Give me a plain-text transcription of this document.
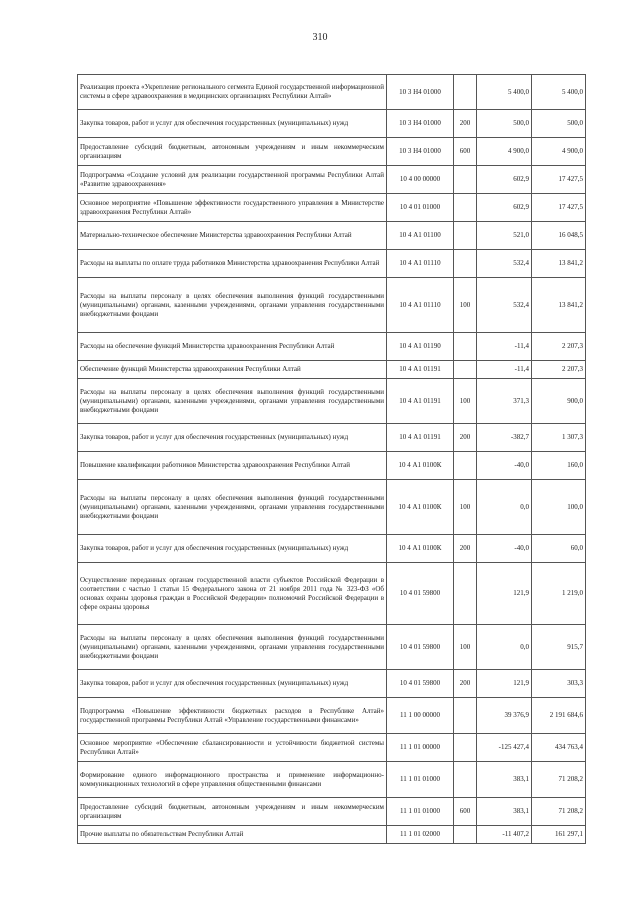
310
Реализация проекта «Укрепление регионального сегмента Единой государственной информационной системы в сфере здравоохранения в медицинских организациях Республики Алтай»	10 3 Н4 01000		5 400,0	5 400,0
Закупка товаров, работ и услуг для обеспечения государственных (муниципальных) нужд	10 3 Н4 01000	200	500,0	500,0
Предоставление субсидий бюджетным, автономным учреждениям и иным некоммерческим организациям	10 3 Н4 01000	600	4 900,0	4 900,0
Подпрограмма «Создание условий для реализации государственной программы Республики Алтай «Развитие здравоохранения»	10 4 00 00000		602,9	17 427,5
Основное мероприятие «Повышение эффективности государственного управления в Министерстве здравоохранения Республики Алтай»	10 4 01 01000		602,9	17 427,5
Материально-техническое обеспечение Министерства здравоохранения Республики Алтай	10 4 А1 01100		521,0	16 048,5
Расходы на выплаты по оплате труда работников Министерства здравоохранения Республики Алтай	10 4 А1 01110		532,4	13 841,2
Расходы на выплаты персоналу в целях обеспечения выполнения функций государственными (муниципальными) органами, казенными учреждениями, органами управления государственными внебюджетными фондами	10 4 А1 01110	100	532,4	13 841,2
Расходы на обеспечение функций Министерства здравоохранения Республики Алтай	10 4 А1 01190		-11,4	2 207,3
Обеспечение функций Министерства здравоохранения Республики Алтай	10 4 А1 01191		-11,4	2 207,3
Расходы на выплаты персоналу в целях обеспечения выполнения функций государственными (муниципальными) органами, казенными учреждениями, органами управления государственными внебюджетными фондами	10 4 А1 01191	100	371,3	900,0
Закупка товаров, работ и услуг для обеспечения государственных (муниципальных) нужд	10 4 А1 01191	200	-382,7	1 307,3
Повышение квалификации работников Министерства здравоохранения Республики Алтай	10 4 А1 0100К		-40,0	160,0
Расходы на выплаты персоналу в целях обеспечения выполнения функций государственными (муниципальными) органами, казенными учреждениями, органами управления государственными внебюджетными фондами	10 4 А1 0100К	100	0,0	100,0
Закупка товаров, работ и услуг для обеспечения государственных (муниципальных) нужд	10 4 А1 0100К	200	-40,0	60,0
Осуществление переданных органам государственной власти субъектов Российской Федерации в соответствии с частью 1 статьи 15 Федерального закона от 21 ноября 2011 года № 323-ФЗ «Об основах охраны здоровья граждан в Российской Федерации» полномочий Российской Федерации в сфере охраны здоровья	10 4 01 59800		121,9	1 219,0
Расходы на выплаты персоналу в целях обеспечения выполнения функций государственными (муниципальными) органами, казенными учреждениями, органами управления государственными внебюджетными фондами	10 4 01 59800	100	0,0	915,7
Закупка товаров, работ и услуг для обеспечения государственных (муниципальных) нужд	10 4 01 59800	200	121,9	303,3
Подпрограмма «Повышение эффективности бюджетных расходов в Республике Алтай» государственной программы Республики Алтай «Управление государственными финансами»	11 1 00 00000		39 376,9	2 191 684,6
Основное мероприятие «Обеспечение сбалансированности и устойчивости бюджетной системы Республики Алтай»	11 1 01 00000		-125 427,4	434 763,4
Формирование единого информационного пространства и применение информационно-коммуникационных технологий в сфере управления общественными финансами	11 1 01 01000		383,1	71 208,2
Предоставление субсидий бюджетным, автономным учреждениям и иным некоммерческим организациям	11 1 01 01000	600	383,1	71 208,2
Прочие выплаты по обязательствам Республики Алтай	11 1 01 02000		-11 407,2	161 297,1
